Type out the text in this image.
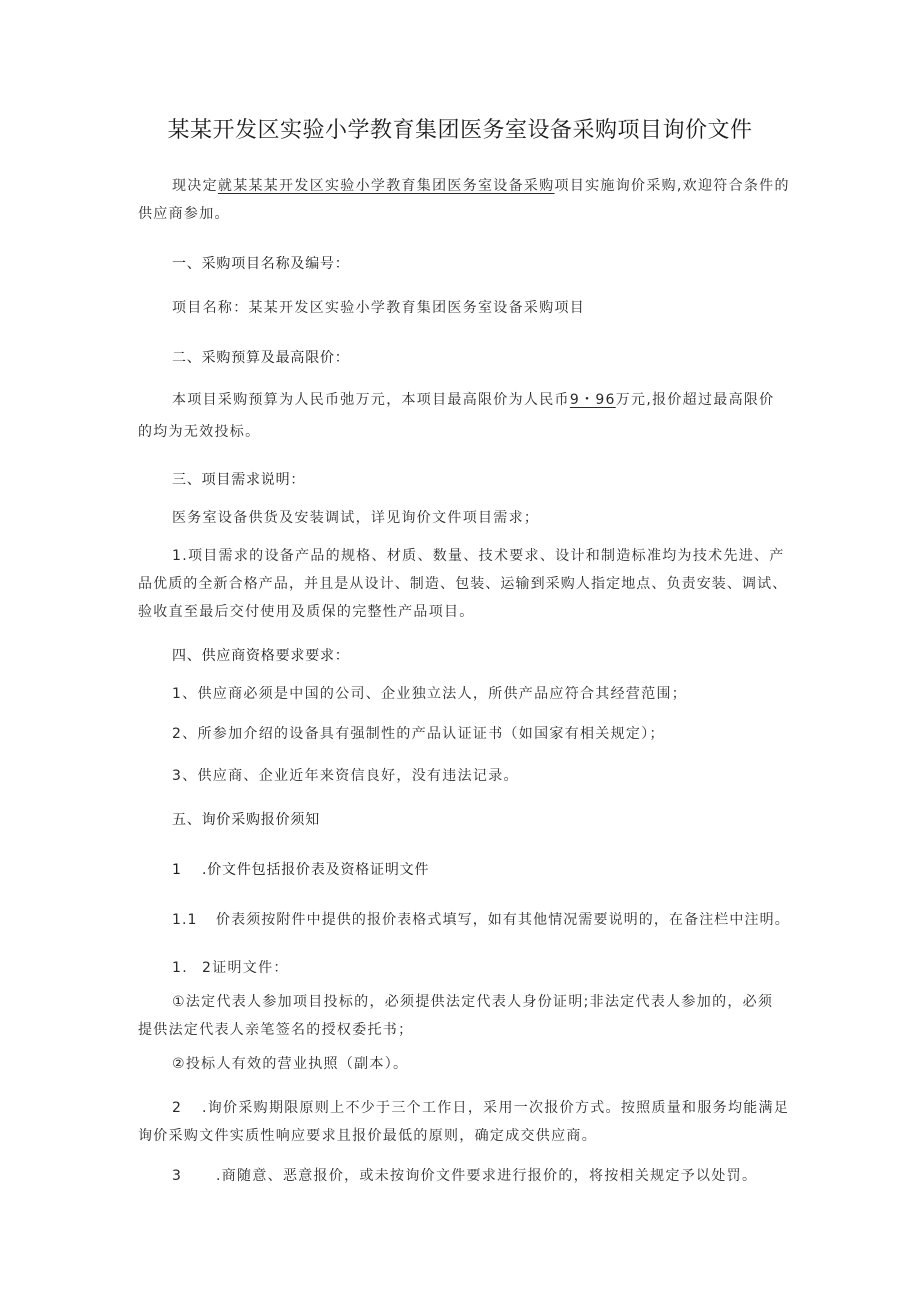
某某开发区实验小学教育集团医务室设备采购项目询价文件
现决定就某某某开发区实验小学教育集团医务室设备采购项目实施询价采购,欢迎符合条件的
供应商参加。
一、采购项目名称及编号：
项目名称：某某开发区实验小学教育集团医务室设备采购项目
二、采购预算及最高限价：
本项目采购预算为人民币弛万元，本项目最高限价为人民币9・96万元,报价超过最高限价
的均为无效投标。
三、项目需求说明：
医务室设备供货及安装调试，详见询价文件项目需求；
1.项目需求的设备产品的规格、材质、数量、技术要求、设计和制造标准均为技术先进、产
品优质的全新合格产品，并且是从设计、制造、包装、运输到采购人指定地点、负责安装、调试、
验收直至最后交付使用及质保的完整性产品项目。
四、供应商资格要求要求：
1、供应商必须是中国的公司、企业独立法人，所供产品应符合其经营范围；
2、所参加介绍的设备具有强制性的产品认证证书（如国家有相关规定）；
3、供应商、企业近年来资信良好，没有违法记录。
五、询价采购报价须知
1 .价文件包括报价表及资格证明文件
1.1 价表须按附件中提供的报价表格式填写，如有其他情况需要说明的，在备注栏中注明。
1. 2证明文件：
①法定代表人参加项目投标的，必须提供法定代表人身份证明;非法定代表人参加的，必须
提供法定代表人亲笔签名的授权委托书；
②投标人有效的营业执照（副本）。
2 .询价采购期限原则上不少于三个工作日，采用一次报价方式。按照质量和服务均能满足
询价采购文件实质性响应要求且报价最低的原则，确定成交供应商。
3 .商随意、恶意报价，或未按询价文件要求进行报价的，将按相关规定予以处罚。
